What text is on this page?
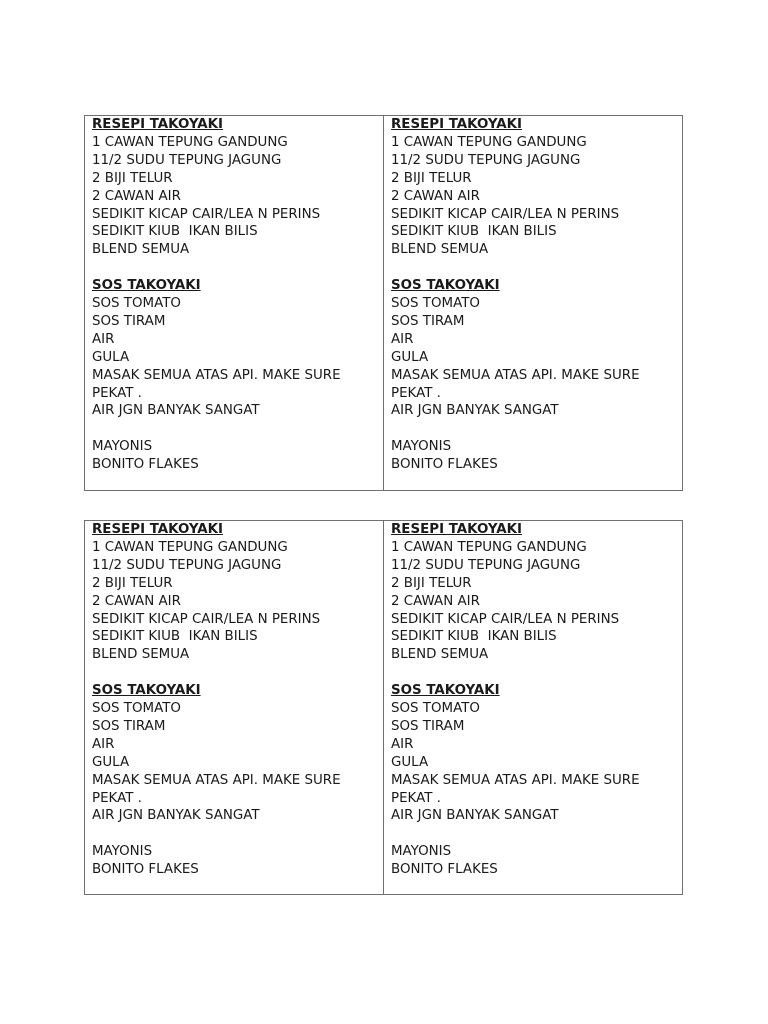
RESEPI TAKOYAKI
1 CAWAN TEPUNG GANDUNG
11/2 SUDU TEPUNG JAGUNG
2 BIJI TELUR
2 CAWAN AIR
SEDIKIT KICAP CAIR/LEA N PERINS
SEDIKIT KIUB  IKAN BILIS
BLEND SEMUA
SOS TAKOYAKI
SOS TOMATO
SOS TIRAM
AIR
GULA
MASAK SEMUA ATAS API. MAKE SURE
PEKAT .
AIR JGN BANYAK SANGAT
MAYONIS
BONITO FLAKES
RESEPI TAKOYAKI
1 CAWAN TEPUNG GANDUNG
11/2 SUDU TEPUNG JAGUNG
2 BIJI TELUR
2 CAWAN AIR
SEDIKIT KICAP CAIR/LEA N PERINS
SEDIKIT KIUB  IKAN BILIS
BLEND SEMUA
SOS TAKOYAKI
SOS TOMATO
SOS TIRAM
AIR
GULA
MASAK SEMUA ATAS API. MAKE SURE
PEKAT .
AIR JGN BANYAK SANGAT
MAYONIS
BONITO FLAKES
RESEPI TAKOYAKI
1 CAWAN TEPUNG GANDUNG
11/2 SUDU TEPUNG JAGUNG
2 BIJI TELUR
2 CAWAN AIR
SEDIKIT KICAP CAIR/LEA N PERINS
SEDIKIT KIUB  IKAN BILIS
BLEND SEMUA
SOS TAKOYAKI
SOS TOMATO
SOS TIRAM
AIR
GULA
MASAK SEMUA ATAS API. MAKE SURE
PEKAT .
AIR JGN BANYAK SANGAT
MAYONIS
BONITO FLAKES
RESEPI TAKOYAKI
1 CAWAN TEPUNG GANDUNG
11/2 SUDU TEPUNG JAGUNG
2 BIJI TELUR
2 CAWAN AIR
SEDIKIT KICAP CAIR/LEA N PERINS
SEDIKIT KIUB  IKAN BILIS
BLEND SEMUA
SOS TAKOYAKI
SOS TOMATO
SOS TIRAM
AIR
GULA
MASAK SEMUA ATAS API. MAKE SURE
PEKAT .
AIR JGN BANYAK SANGAT
MAYONIS
BONITO FLAKES
